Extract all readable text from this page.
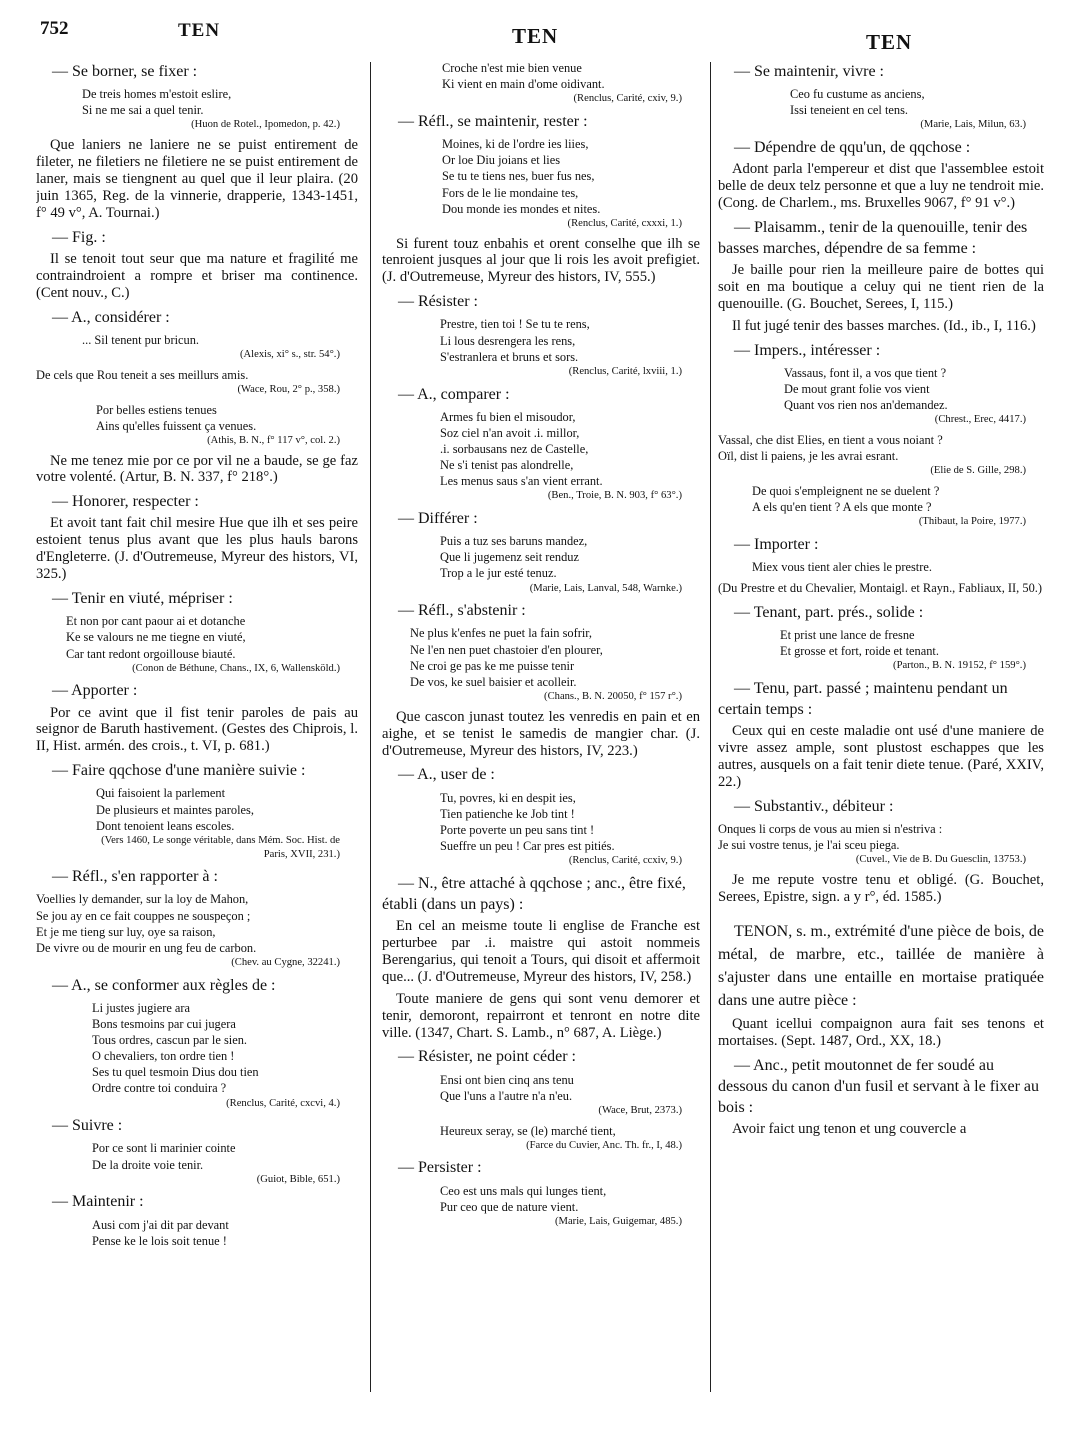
752	TEN	TEN	TEN
— Se borner, se fixer :
De treis homes m'estoit eslire,
Si ne me sai a quel tenir.
(Huon de Rotel., Ipomedon, p. 42.)
Que laniers ne laniere ne se puist entirement de fileter, ne filetiers ne filetiere ne se puist entirement de laner, mais se tiengnent au quel que il leur plaira. (20 juin 1365, Reg. de la vinnerie, drapperie, 1343-1451, f° 49 v°, A. Tournai.)
— Fig. :
Il se tenoit tout seur que ma nature et fragilité me contraindroient a rompre et briser ma continence. (Cent nouv., C.)
— A., considérer :
... Sil tenent pur bricun.
(Alexis, xi° s., str. 54°.)
De cels que Rou teneit a ses meillurs amis.
(Wace, Rou, 2° p., 358.)
Por belles estiens tenues
Ains qu'elles fuissent ça venues.
(Athis, B. N., f° 117 v°, col. 2.)
Ne me tenez mie por ce por vil ne a baude, se ge faz votre volenté. (Artur, B. N. 337, f° 218°.)
— Honorer, respecter :
Et avoit tant fait chil mesire Hue que ilh et ses peire estoient tenus plus avant que les plus hauls barons d'Engleterre. (J. d'Outremeuse, Myreur des histors, VI, 325.)
— Tenir en viuté, mépriser :
Et non por cant paour ai et dotanche
Ke se valours ne me tiegne en viuté,
Car tant redont orgoillouse biauté.
(Conon de Béthune, Chans., IX, 6, Wallensköld.)
— Apporter :
Por ce avint que il fist tenir paroles de pais au seignor de Baruth hastivement. (Gestes des Chiprois, l. II, Hist. armén. des crois., t. VI, p. 681.)
— Faire qqchose d'une manière suivie :
Qui faisoient la parlement
De plusieurs et maintes paroles,
Dont tenoient leans escoles.
(Vers 1460, Le songe véritable, dans Mém. Soc. Hist. de Paris, XVII, 231.)
— Réfl., s'en rapporter à :
Voellies ly demander, sur la loy de Mahon,
Se jou ay en ce fait couppes ne souspeçon ;
Et je me tieng sur luy, oye sa raison,
De vivre ou de mourir en ung feu de carbon.
(Chev. au Cygne, 32241.)
— A., se conformer aux règles de :
Li justes jugiere ara
Bons tesmoins par cui jugera
Tous ordres, cascun par le sien.
O chevaliers, ton ordre tien !
Ses tu quel tesmoin Dius dou tien
Ordre contre toi conduira ?
(Renclus, Carité, cxcvi, 4.)
— Suivre :
Por ce sont li marinier cointe
De la droite voie tenir.
(Guiot, Bible, 651.)
— Maintenir :
Ausi com j'ai dit par devant
Pense ke le lois soit tenue !
Croche n'est mie bien venue
Ki vient en main d'ome oidivant.
(Renclus, Carité, cxiv, 9.)
— Réfl., se maintenir, rester :
Moines, ki de l'ordre ies liies,
Or loe Diu joians et lies
Se tu te tiens nes, buer fus nes,
Fors de le lie mondaine tes,
Dou monde ies mondes et nites.
(Renclus, Carité, cxxxi, 1.)
Si furent touz enbahis et orent conselhe que ilh se tenroient jusques al jour que li rois les avoit prefigiet. (J. d'Outremeuse, Myreur des histors, IV, 555.)
— Résister :
Prestre, tien toi ! Se tu te rens,
Li lous desrengera les rens,
S'estranlera et bruns et sors.
(Renclus, Carité, lxviii, 1.)
— A., comparer :
Armes fu bien el misoudor,
Soz ciel n'an avoit .i. millor,
.i. sorbausans nez de Castelle,
Ne s'i tenist pas alondrelle,
Les menus saus s'an vient errant.
(Ben., Troie, B. N. 903, f° 63°.)
— Différer :
Puis a tuz ses baruns mandez,
Que li jugemenz seit renduz
Trop a le jur esté tenuz.
(Marie, Lais, Lanval, 548, Warnke.)
— Réfl., s'abstenir :
Ne plus k'enfes ne puet la fain sofrir,
Ne l'en nen puet chastoier d'en plourer,
Ne croi ge pas ke me puisse tenir
De vos, ke suel baisier et acolleir.
(Chans., B. N. 20050, f° 157 r°.)
Que cascon junast toutez les venredis en pain et en aighe, et se tenist le samedis de mangier char. (J. d'Outremeuse, Myreur des histors, IV, 223.)
— A., user de :
Tu, povres, ki en despit ies,
Tien patienche ke Job tint !
Porte poverte un peu sans tint !
Sueffre un peu ! Car pres est pitiés.
(Renclus, Carité, ccxiv, 9.)
— N., être attaché à qqchose ; anc., être fixé, établi (dans un pays) :
En cel an meisme toute li englise de Franche est perturbee par .i. maistre qui astoit nommeis Berengarius, qui tenoit a Tours, qui disoit et affermoit que... (J. d'Outremeuse, Myreur des histors, IV, 258.)
Toute maniere de gens qui sont venu demorer et tenir, demoront, repairront et tenront en notre dite ville. (1347, Chart. S. Lamb., n° 687, A. Liège.)
— Résister, ne point céder :
Ensi ont bien cinq ans tenu
Que l'uns a l'autre n'a n'eu.
(Wace, Brut, 2373.)
Heureux seray, se (le) marché tient,
(Farce du Cuvier, Anc. Th. fr., I, 48.)
— Persister :
Ceo est uns mals qui lunges tient,
Pur ceo que de nature vient.
(Marie, Lais, Guigemar, 485.)
— Se maintenir, vivre :
Ceo fu custume as anciens,
Issi teneient en cel tens.
(Marie, Lais, Milun, 63.)
— Dépendre de qqu'un, de qqchose :
Adont parla l'empereur et dist que l'assemblee estoit belle de deux telz personne et que a luy ne tendroit mie. (Cong. de Charlem., ms. Bruxelles 9067, f° 91 v°.)
— Plaisamm., tenir de la quenouille, tenir des basses marches, dépendre de sa femme :
Je baille pour rien la meilleure paire de bottes qui soit en ma boutique a celuy qui ne tient rien de la quenouille. (G. Bouchet, Serees, I, 115.)
Il fut jugé tenir des basses marches. (Id., ib., I, 116.)
— Impers., intéresser :
Vassaus, font il, a vos que tient ?
De mout grant folie vos vient
Quant vos rien nos an'demandez.
(Chrest., Erec, 4417.)
Vassal, che dist Elies, en tient a vous noiant ?
Oïl, dist li paiens, je les avrai esrant.
(Elie de S. Gille, 298.)
De quoi s'empleignent ne se duelent ?
A els qu'en tient ? A els que monte ?
(Thibaut, la Poire, 1977.)
— Importer :
Miex vous tient aler chies le prestre.
(Du Prestre et du Chevalier, Montaigl. et Rayn., Fabliaux, II, 50.)
— Tenant, part. prés., solide :
Et prist une lance de fresne
Et grosse et fort, roide et tenant.
(Parton., B. N. 19152, f° 159°.)
— Tenu, part. passé ; maintenu pendant un certain temps :
Ceux qui en ceste maladie ont usé d'une maniere de vivre assez ample, sont plustost eschappes que les autres, ausquels on a fait tenir diete tenue. (Paré, XXIV, 22.)
— Substantiv., débiteur :
Onques li corps de vous au mien si n'estriva :
Je sui vostre tenus, je l'ai sceu piega.
(Cuvel., Vie de B. Du Guesclin, 13753.)
Je me repute vostre tenu et obligé. (G. Bouchet, Serees, Epistre, sign. a y r°, éd. 1585.)
TENON, s. m., extrémité d'une pièce de bois, de métal, de marbre, etc., taillée de manière à s'ajuster dans une entaille en mortaise pratiquée dans une autre pièce :
Quant icellui compaignon aura fait ses tenons et mortaises. (Sept. 1487, Ord., XX, 18.)
— Anc., petit moutonnet de fer soudé au dessous du canon d'un fusil et servant à le fixer au bois :
Avoir faict ung tenon et ung couvercle a
